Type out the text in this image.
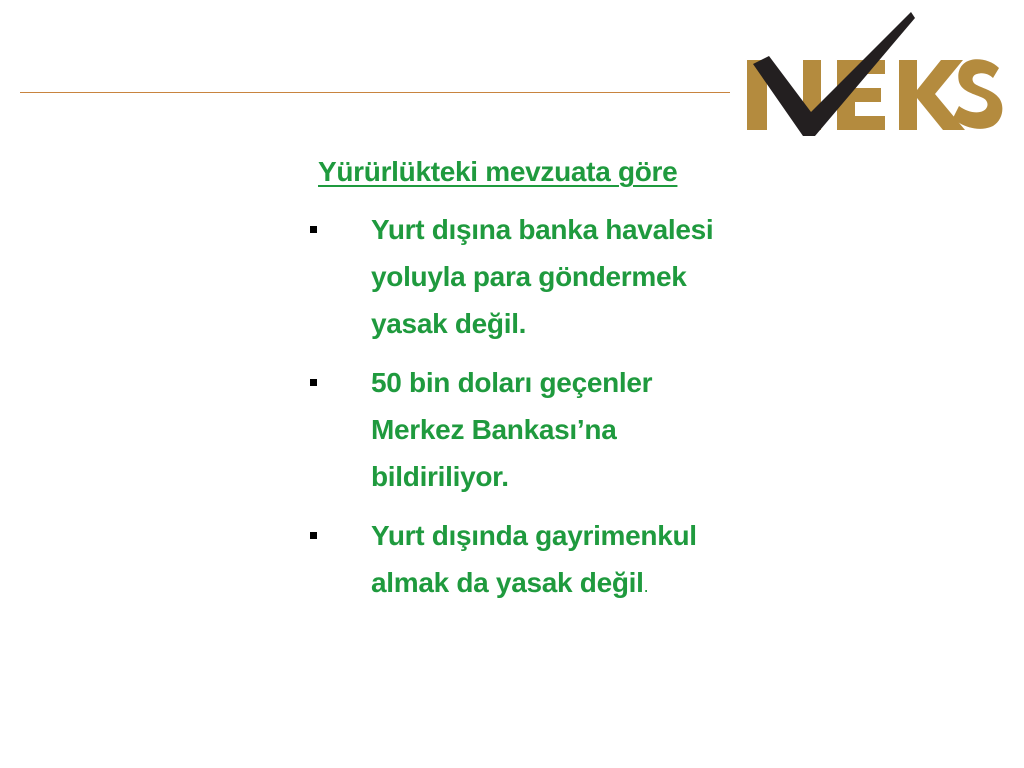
Yürürlükteki mevzuata göre
Yurt dışına banka havalesi yoluyla para göndermek yasak değil.
50 bin doları geçenler Merkez Bankası’na bildiriliyor.
Yurt dışında gayrimenkul almak da yasak değil.
